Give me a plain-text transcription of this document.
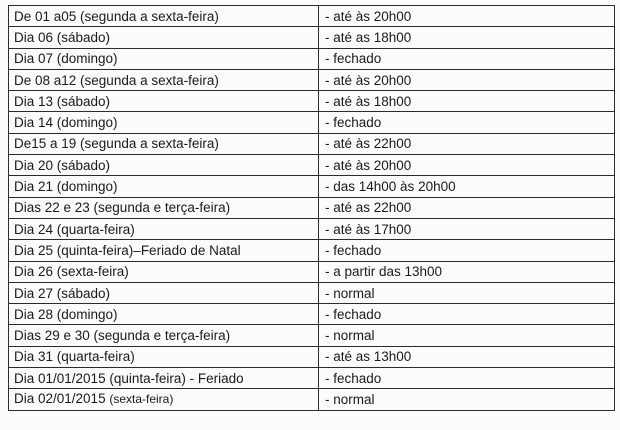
De 01 a05 (segunda a sexta-feira)	- até às 20h00
Dia 06 (sábado)	- até as 18h00
Dia 07 (domingo)	- fechado
De 08 a12 (segunda a sexta-feira)	- até às 20h00
Dia 13 (sábado)	- até às 18h00
Dia 14 (domingo)	- fechado
De15 a 19 (segunda a sexta-feira)	- até às 22h00
Dia 20 (sábado)	- até às 20h00
Dia 21 (domingo)	- das 14h00 às 20h00
Dias 22 e 23 (segunda e terça-feira)	- até as 22h00
Dia 24 (quarta-feira)	- até às 17h00
Dia 25 (quinta-feira)–Feriado de Natal	- fechado
Dia 26 (sexta-feira)	- a partir das 13h00
Dia 27 (sábado)	- normal
Dia 28 (domingo)	- fechado
Dias 29 e 30 (segunda e terça-feira)	- normal
Dia 31 (quarta-feira)	- até as 13h00
Dia 01/01/2015 (quinta-feira) - Feriado	- fechado
Dia 02/01/2015 (sexta-feira)	- normal
